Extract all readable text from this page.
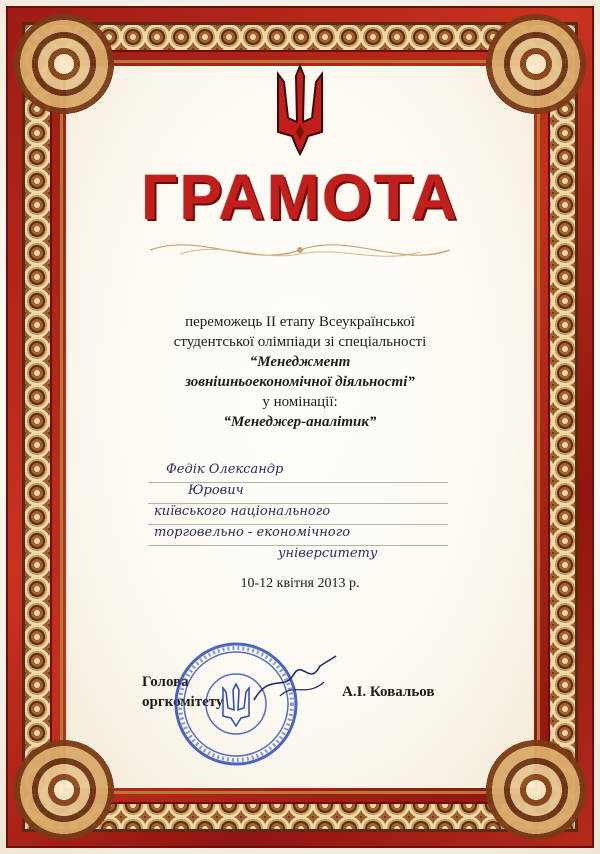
ГРАМОТА
переможець ІІ етапу Всеукраїнської
студентської олімпіади зі спеціальності
“Менеджмент
зовнішньоекономічної діяльності”
у номінації:
“Менеджер-аналітик”
Федік Олександр
Юрович
київського національного
торговельно - економічного
університету
10-12 квітня 2013 р.
Голова
оргкомітету
А.І. Ковальов
